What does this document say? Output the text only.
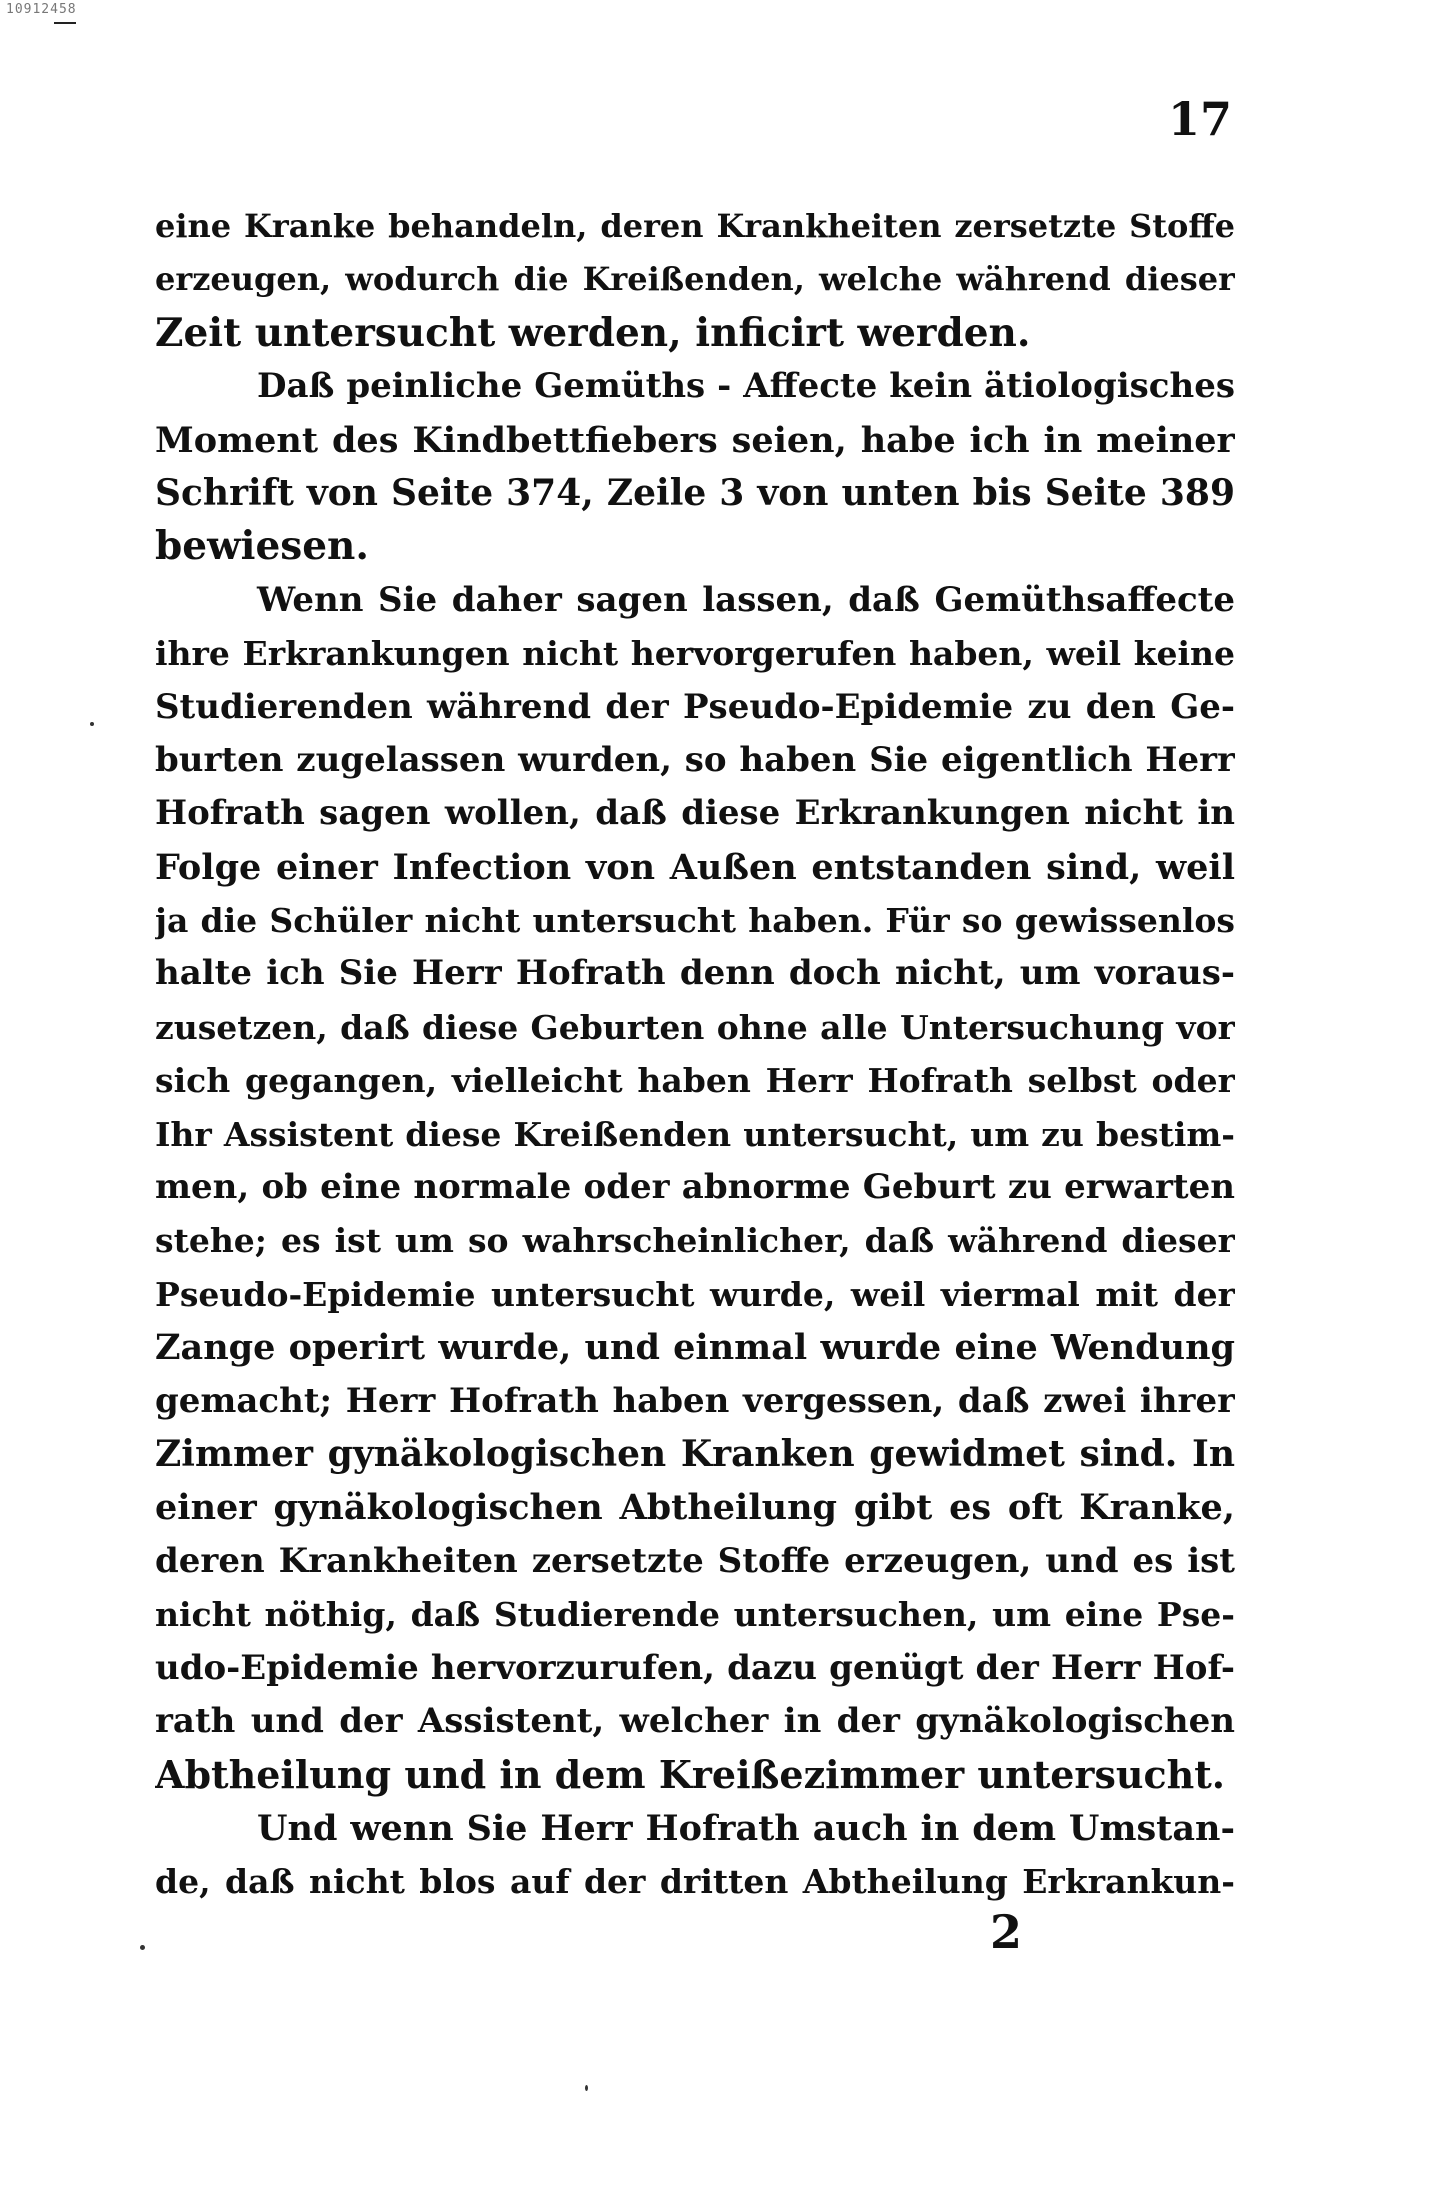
10912458
17
eine Kranke behandeln, deren Krankheiten zersetzte Stoffe
erzeugen, wodurch die Kreißenden, welche während dieser
Zeit untersucht werden, inficirt werden.
Daß peinliche Gemüths - Affecte kein ätiologisches
Moment des Kindbettfiebers seien, habe ich in meiner
Schrift von Seite 374, Zeile 3 von unten bis Seite 389
bewiesen.
Wenn Sie daher sagen lassen, daß Gemüthsaffecte
ihre Erkrankungen nicht hervorgerufen haben, weil keine
Studierenden während der Pseudo-Epidemie zu den Ge-
burten zugelassen wurden, so haben Sie eigentlich Herr
Hofrath sagen wollen, daß diese Erkrankungen nicht in
Folge einer Infection von Außen entstanden sind, weil
ja die Schüler nicht untersucht haben. Für so gewissenlos
halte ich Sie Herr Hofrath denn doch nicht, um voraus-
zusetzen, daß diese Geburten ohne alle Untersuchung vor
sich gegangen, vielleicht haben Herr Hofrath selbst oder
Ihr Assistent diese Kreißenden untersucht, um zu bestim-
men, ob eine normale oder abnorme Geburt zu erwarten
stehe; es ist um so wahrscheinlicher, daß während dieser
Pseudo-Epidemie untersucht wurde, weil viermal mit der
Zange operirt wurde, und einmal wurde eine Wendung
gemacht; Herr Hofrath haben vergessen, daß zwei ihrer
Zimmer gynäkologischen Kranken gewidmet sind. In
einer gynäkologischen Abtheilung gibt es oft Kranke,
deren Krankheiten zersetzte Stoffe erzeugen, und es ist
nicht nöthig, daß Studierende untersuchen, um eine Pse-
udo-Epidemie hervorzurufen, dazu genügt der Herr Hof-
rath und der Assistent, welcher in der gynäkologischen
Abtheilung und in dem Kreißezimmer untersucht.
Und wenn Sie Herr Hofrath auch in dem Umstan-
de, daß nicht blos auf der dritten Abtheilung Erkrankun-
2
